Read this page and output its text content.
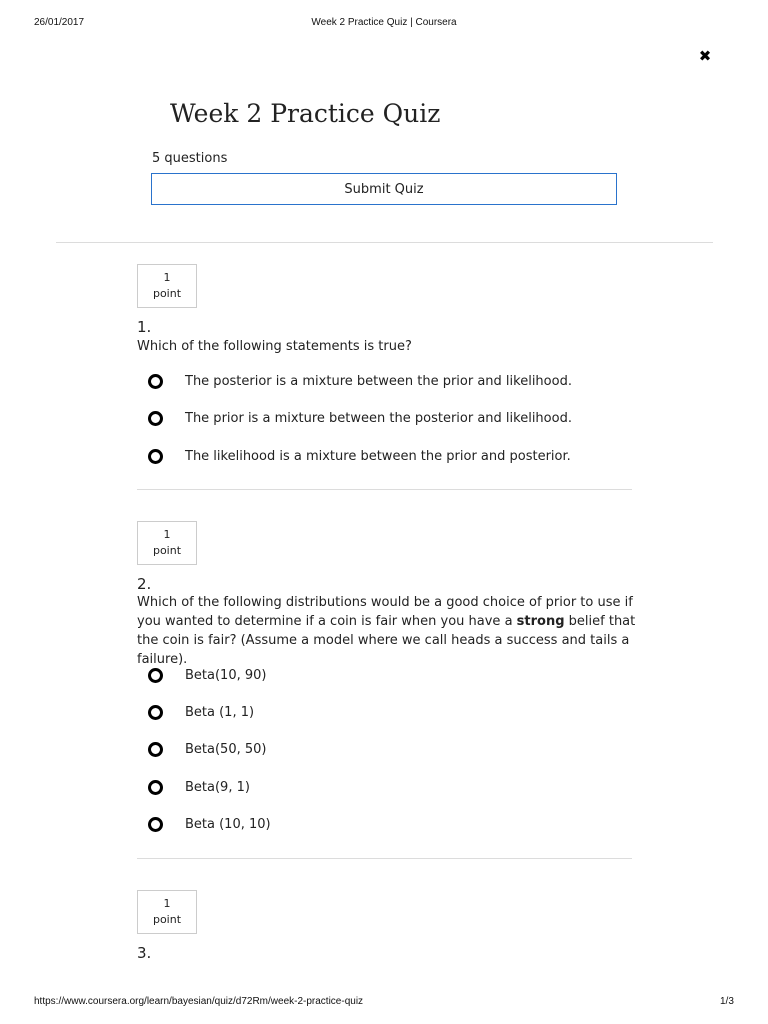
26/01/2017	Week 2 Practice Quiz | Coursera
✖
Week 2 Practice Quiz
5 questions
Submit Quiz
1
point
1.
Which of the following statements is true?
The posterior is a mixture between the prior and likelihood.
The prior is a mixture between the posterior and likelihood.
The likelihood is a mixture between the prior and posterior.
1
point
2.
Which of the following distributions would be a good choice of prior to use if you wanted to determine if a coin is fair when you have a strong belief that the coin is fair? (Assume a model where we call heads a success and tails a failure).
Beta(10, 90)
Beta (1, 1)
Beta(50, 50)
Beta(9, 1)
Beta (10, 10)
1
point
3.
https://www.coursera.org/learn/bayesian/quiz/d72Rm/week-2-practice-quiz	1/3
